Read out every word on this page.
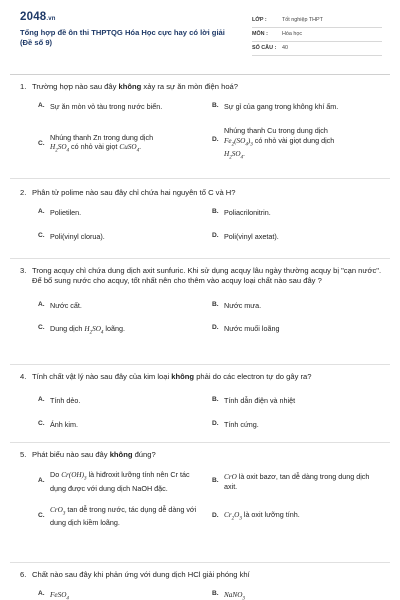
2048.vn
Tổng hợp đề ôn thi THPTQG Hóa Học cực hay có lời giải
(Đề số 9)
LỚP :	Tốt nghiệp THPT
MÔN :	Hóa học
SỐ CÂU :	40
1. Trường hợp nào sau đây không xảy ra sự ăn mòn điện hoá?
A. Sự ăn mòn vỏ tàu trong nước biển.	B. Sự gỉ của gang trong không khí ẩm.
C.
Nhúng thanh Zn trong dung dịch
$H_2SO_4$ có nhỏ vài giọt CuSO$_4$.
D.
Nhúng thanh Cu trong dung dịch
$Fe_2(SO_4)_3$ có nhỏ vài giọt dung dịch
$H_2SO_4$.
2. Phân tử polime nào sau đây chỉ chứa hai nguyên tố C và H?
A. Polietilen.	B. Poliacrilonitrin.
C. Poli(vinyl clorua).	D. Poli(vinyl axetat).
3. Trong acquy chì chứa dung dịch axit sunfuric. Khi sử dụng acquy lâu ngày thường acquy bị "cạn nước". Để bổ sung nước cho acquy, tốt nhất nên cho thêm vào acquy loại chất nào sau đây ?
A. Nước cất.	B. Nước mưa.
C. Dung dịch $H_2SO_4$ loãng.	D. Nước muối loãng
4. Tính chất vật lý nào sau đây của kim loại không phải do các electron tự do gây ra?
A. Tính dẻo.	B. Tính dẫn điện và nhiệt
C. Ánh kim.	D. Tính cứng.
5. Phát biểu nào sau đây không đúng?
A.
Do $Cr(OH)_3$ là hiđroxit lưỡng tính nên Cr tác dụng được với dung dịch NaOH đặc.
B.
CrO là oxit bazơ, tan dễ dàng trong dung dịch axit.
C.
CrO$_3$ tan dễ trong nước, tác dụng dễ dàng với dung dịch kiềm loãng.
D. $Cr_2O_3$ là oxit lưỡng tính.
6. Chất nào sau đây khi phản ứng với dung dịch HCl giải phóng khí
A. FeSO$_4$
B. NaNO$_3$
